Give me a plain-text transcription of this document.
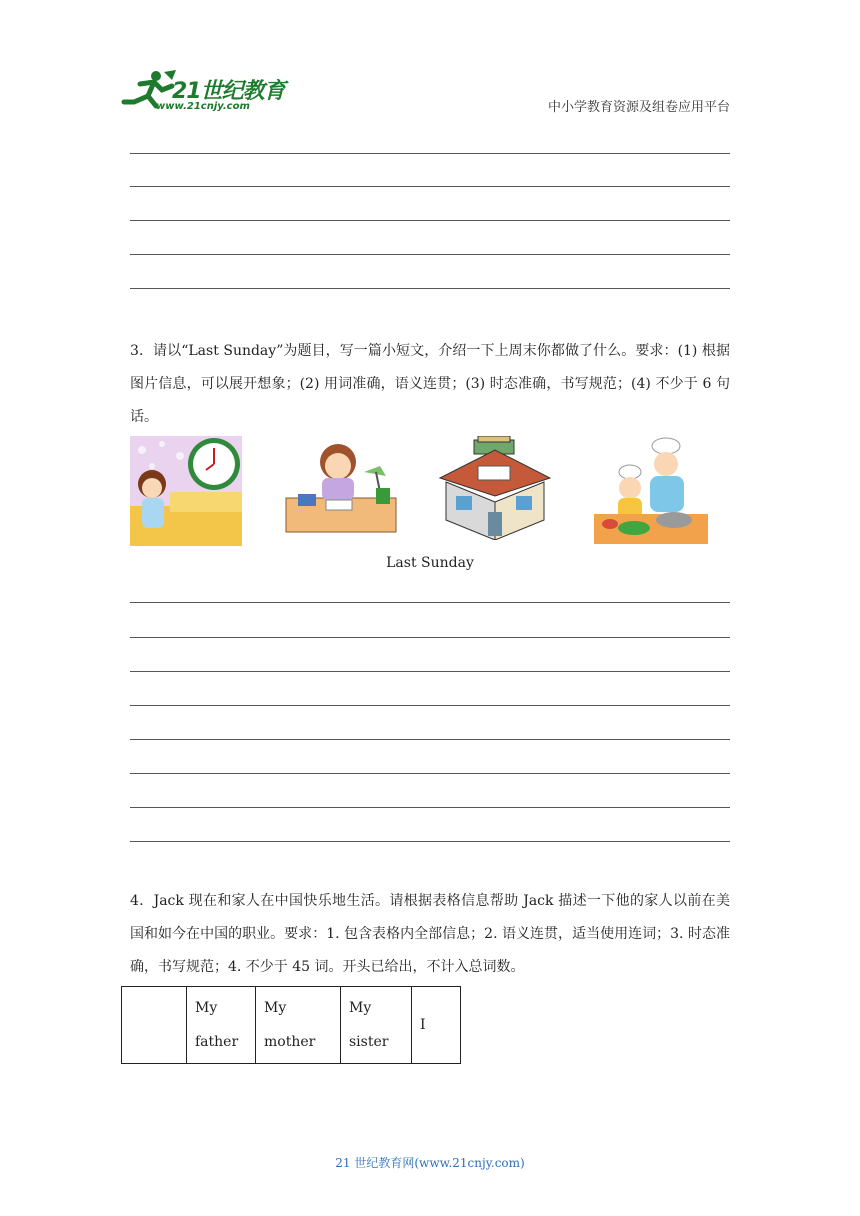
21世纪教育
www.21cnjy.com	中小学教育资源及组卷应用平台
3．请以“Last Sunday”为题目，写一篇小短文，介绍一下上周末你都做了什么。要求：(1) 根据图片信息，可以展开想象；(2) 用词准确，语义连贯；(3) 时态准确，书写规范；(4) 不少于 6 句话。
Last Sunday
4．Jack 现在和家人在中国快乐地生活。请根据表格信息帮助 Jack 描述一下他的家人以前在美国和如今在中国的职业。要求：1. 包含表格内全部信息；2. 语义连贯，适当使用连词；3. 时态准确，书写规范；4. 不少于 45 词。开头已给出，不计入总词数。
	My father	My mother	My sister	I
21 世纪教育网(www.21cnjy.com)
